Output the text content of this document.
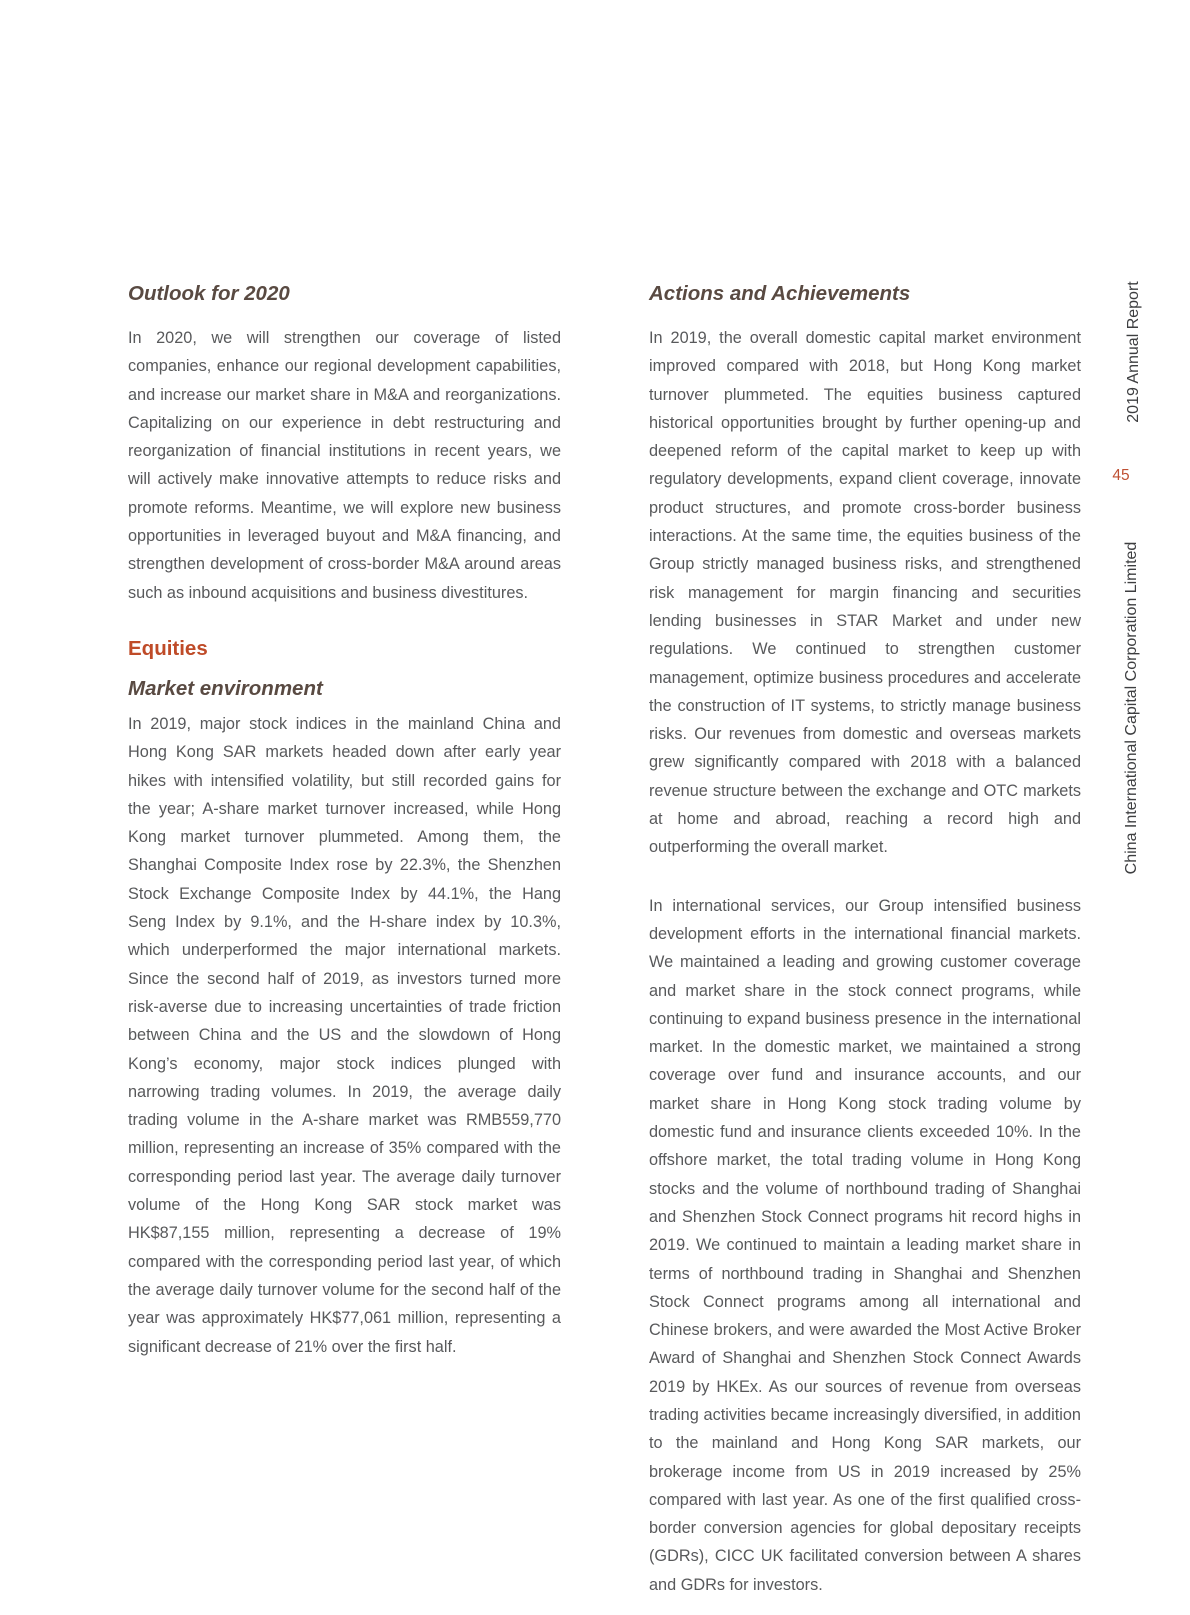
Outlook for 2020

In 2020, we will strengthen our coverage of listed companies, enhance our regional development capabilities, and increase our market share in M&A and reorganizations. Capitalizing on our experience in debt restructuring and reorganization of financial institutions in recent years, we will actively make innovative attempts to reduce risks and promote reforms. Meantime, we will explore new business opportunities in leveraged buyout and M&A financing, and strengthen development of cross-border M&A around areas such as inbound acquisitions and business divestitures.

Equities
Market environment

In 2019, major stock indices in the mainland China and Hong Kong SAR markets headed down after early year hikes with intensified volatility, but still recorded gains for the year; A-share market turnover increased, while Hong Kong market turnover plummeted. Among them, the Shanghai Composite Index rose by 22.3%, the Shenzhen Stock Exchange Composite Index by 44.1%, the Hang Seng Index by 9.1%, and the H-share index by 10.3%, which underperformed the major international markets. Since the second half of 2019, as investors turned more risk-averse due to increasing uncertainties of trade friction between China and the US and the slowdown of Hong Kong’s economy, major stock indices plunged with narrowing trading volumes. In 2019, the average daily trading volume in the A-share market was RMB559,770 million, representing an increase of 35% compared with the corresponding period last year. The average daily turnover volume of the Hong Kong SAR stock market was HK$87,155 million, representing a decrease of 19% compared with the corresponding period last year, of which the average daily turnover volume for the second half of the year was approximately HK$77,061 million, representing a significant decrease of 21% over the first half.

Actions and Achievements

In 2019, the overall domestic capital market environment improved compared with 2018, but Hong Kong market turnover plummeted. The equities business captured historical opportunities brought by further opening-up and deepened reform of the capital market to keep up with regulatory developments, expand client coverage, innovate product structures, and promote cross-border business interactions. At the same time, the equities business of the Group strictly managed business risks, and strengthened risk management for margin financing and securities lending businesses in STAR Market and under new regulations. We continued to strengthen customer management, optimize business procedures and accelerate the construction of IT systems, to strictly manage business risks. Our revenues from domestic and overseas markets grew significantly compared with 2018 with a balanced revenue structure between the exchange and OTC markets at home and abroad, reaching a record high and outperforming the overall market.

In international services, our Group intensified business development efforts in the international financial markets. We maintained a leading and growing customer coverage and market share in the stock connect programs, while continuing to expand business presence in the international market. In the domestic market, we maintained a strong coverage over fund and insurance accounts, and our market share in Hong Kong stock trading volume by domestic fund and insurance clients exceeded 10%. In the offshore market, the total trading volume in Hong Kong stocks and the volume of northbound trading of Shanghai and Shenzhen Stock Connect programs hit record highs in 2019. We continued to maintain a leading market share in terms of northbound trading in Shanghai and Shenzhen Stock Connect programs among all international and Chinese brokers, and were awarded the Most Active Broker Award of Shanghai and Shenzhen Stock Connect Awards 2019 by HKEx. As our sources of revenue from overseas trading activities became increasingly diversified, in addition to the mainland and Hong Kong SAR markets, our brokerage income from US in 2019 increased by 25% compared with last year. As one of the first qualified cross-border conversion agencies for global depositary receipts (GDRs), CICC UK facilitated conversion between A shares and GDRs for investors.

2019 Annual Report
45
China International Capital Corporation Limited
